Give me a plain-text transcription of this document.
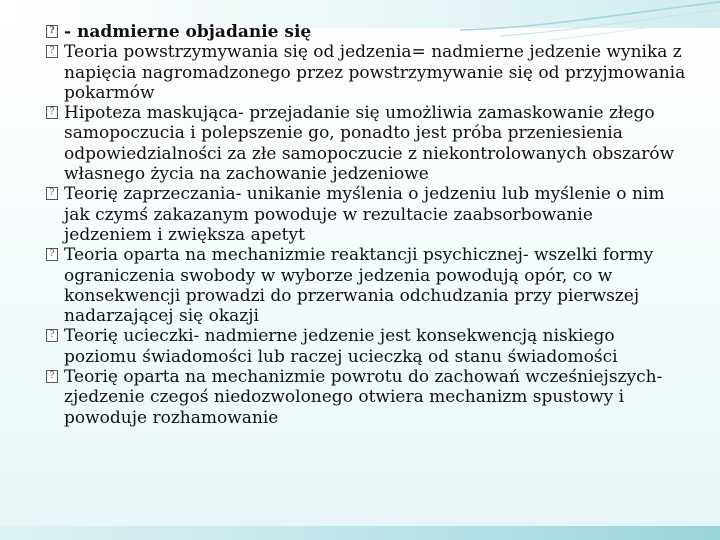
? - nadmierne objadanie się
? Teoria powstrzymywania się od jedzenia= nadmierne jedzenie wynika z napięcia nagromadzonego przez powstrzymywanie się od przyjmowania pokarmów
? Hipoteza maskująca- przejadanie się umożliwia zamaskowanie złego samopoczucia i polepszenie go, ponadto jest próba przeniesienia odpowiedzialności za złe samopoczucie z niekontrolowanych obszarów własnego życia na zachowanie jedzeniowe
? Teorię zaprzeczania- unikanie myślenia o jedzeniu lub myślenie o nim jak czymś zakazanym powoduje w rezultacie zaabsorbowanie jedzeniem i zwiększa apetyt
? Teoria oparta na mechanizmie reaktancji psychicznej- wszelki formy ograniczenia swobody w wyborze jedzenia powodują opór, co w konsekwencji prowadzi do przerwania odchudzania przy pierwszej nadarzającej się okazji
? Teorię ucieczki- nadmierne jedzenie jest konsekwencją niskiego poziomu świadomości lub raczej ucieczką od stanu świadomości
? Teorię oparta na mechanizmie powrotu do zachowań wcześniejszych- zjedzenie czegoś niedozwolonego otwiera mechanizm spustowy i powoduje rozhamowanie
